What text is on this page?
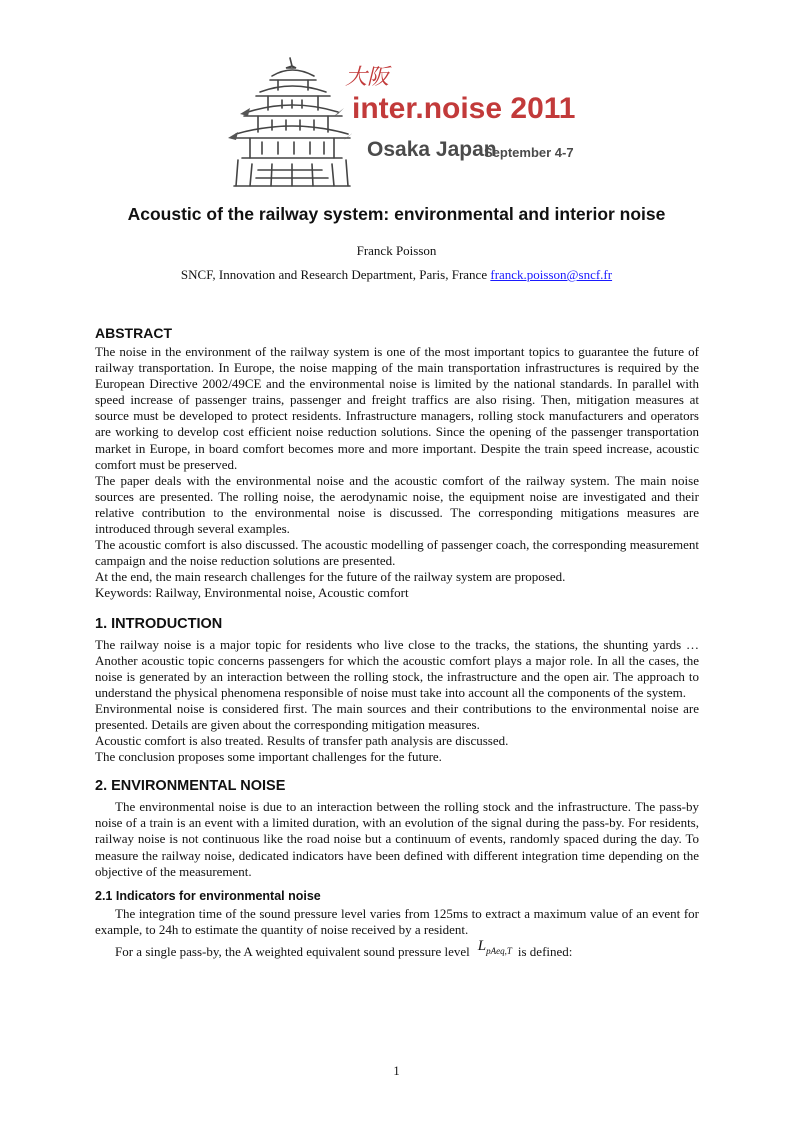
大阪
inter.noise 2011
Osaka Japan
September 4-7
Acoustic of the railway system: environmental and interior noise

Franck Poisson

SNCF, Innovation and Research Department, Paris, France franck.poisson@sncf.fr

ABSTRACT

The noise in the environment of the railway system is one of the most important topics to guarantee the future of railway transportation. In Europe, the noise mapping of the main transportation infrastructures is required by the European Directive 2002/49CE and the environmental noise is limited by the national standards. In parallel with speed increase of passenger trains, passenger and freight traffics are also rising. Then, mitigation measures at source must be developed to protect residents. Infrastructure managers, rolling stock manufacturers and operators are working to develop cost efficient noise reduction solutions. Since the opening of the passenger transportation market in Europe, in board comfort becomes more and more important. Despite the train speed increase, acoustic comfort must be preserved.

The paper deals with the environmental noise and the acoustic comfort of the railway system. The main noise sources are presented. The rolling noise, the aerodynamic noise, the equipment noise are investigated and their relative contribution to the environmental noise is discussed. The corresponding mitigations measures are introduced through several examples.

The acoustic comfort is also discussed. The acoustic modelling of passenger coach, the corresponding measurement campaign and the noise reduction solutions are presented.

At the end, the main research challenges for the future of the railway system are proposed.

Keywords: Railway, Environmental noise, Acoustic comfort

1. INTRODUCTION

The railway noise is a major topic for residents who live close to the tracks, the stations, the shunting yards … Another acoustic topic concerns passengers for which the acoustic comfort plays a major role. In all the cases, the noise is generated by an interaction between the rolling stock, the infrastructure and the open air. The approach to understand the physical phenomena responsible of noise must take into account all the components of the system.

Environmental noise is considered first. The main sources and their contributions to the environmental noise are presented. Details are given about the corresponding mitigation measures.

Acoustic comfort is also treated. Results of transfer path analysis are discussed.

The conclusion proposes some important challenges for the future.

2. ENVIRONMENTAL NOISE

The environmental noise is due to an interaction between the rolling stock and the infrastructure. The pass-by noise of a train is an event with a limited duration, with an evolution of the signal during the pass-by. For residents, railway noise is not continuous like the road noise but a continuum of events, randomly spaced during the day. To measure the railway noise, dedicated indicators have been defined with different integration time depending on the objective of the measurement.

2.1 Indicators for environmental noise

The integration time of the sound pressure level varies from 125ms to extract a maximum value of an event for example, to 24h to estimate the quantity of noise received by a resident.

For a single pass-by, the A weighted equivalent sound pressure level $L_{pAeq,T}$ is defined:

1
